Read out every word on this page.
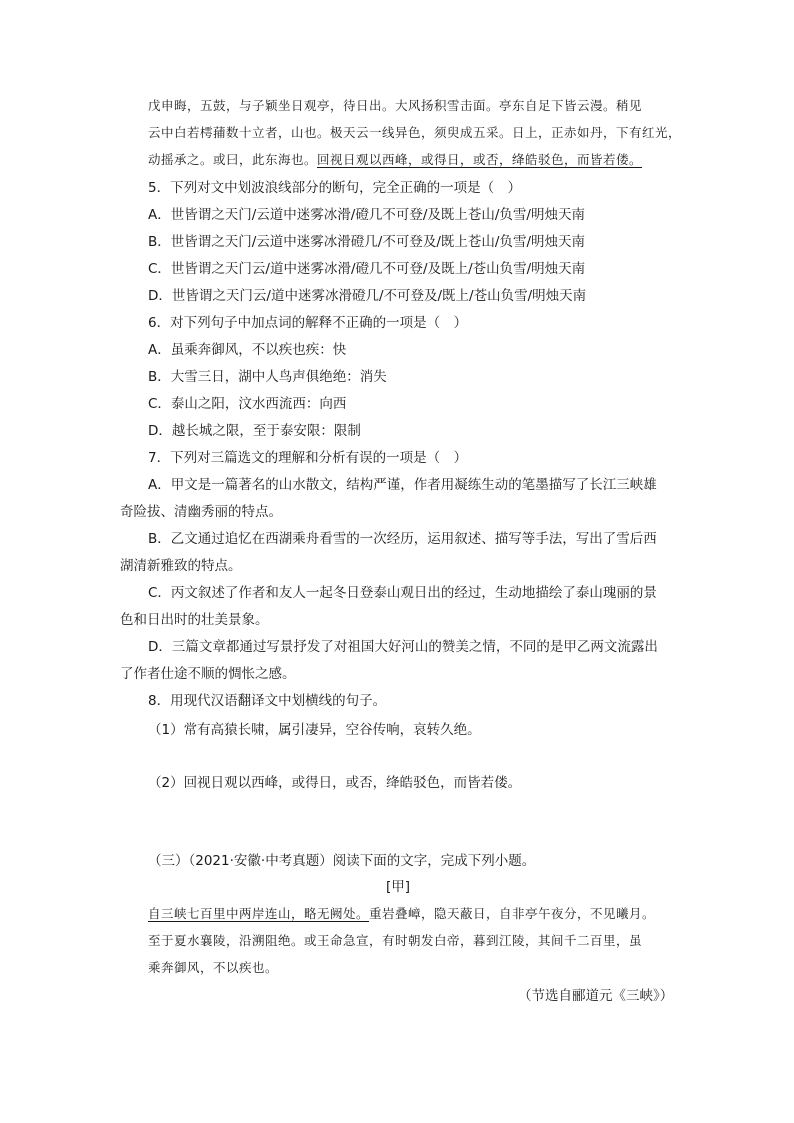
戊申晦，五鼓，与子颖坐日观亭，待日出。大风扬积雪击面。亭东自足下皆云漫。稍见
云中白若樗蒱数十立者，山也。极天云一线异色，须臾成五采。日上，正赤如丹，下有红光，
动摇承之。或曰，此东海也。回视日观以西峰，或得日，或否，绛皓驳色，而皆若偻。
5．下列对文中划波浪线部分的断句，完全正确的一项是（　）
A．世皆谓之天门/云道中迷雾冰滑/磴几不可登/及既上苍山/负雪/明烛天南
B．世皆谓之天门/云道中迷雾冰滑磴几/不可登及/既上苍山/负雪/明烛天南
C．世皆谓之天门云/道中迷雾冰滑/磴几不可登/及既上/苍山负雪/明烛天南
D．世皆谓之天门云/道中迷雾冰滑磴几/不可登及/既上/苍山负雪/明烛天南
6．对下列句子中加点词的解释不正确的一项是（　）
A．虽乘奔御风，不以疾也疾：快
B．大雪三日，湖中人鸟声俱绝绝：消失
C．泰山之阳，汶水西流西：向西
D．越长城之限，至于泰安限：限制
7．下列对三篇选文的理解和分析有误的一项是（　）
A．甲文是一篇著名的山水散文，结构严谨，作者用凝练生动的笔墨描写了长江三峡雄
奇险拔、清幽秀丽的特点。
B．乙文通过追忆在西湖乘舟看雪的一次经历，运用叙述、描写等手法，写出了雪后西
湖清新雅致的特点。
C．丙文叙述了作者和友人一起冬日登泰山观日出的经过，生动地描绘了泰山瑰丽的景
色和日出时的壮美景象。
D．三篇文章都通过写景抒发了对祖国大好河山的赞美之情，不同的是甲乙两文流露出
了作者仕途不顺的惆怅之感。
8．用现代汉语翻译文中划横线的句子。
（1）常有高猿长啸，属引凄异，空谷传响，哀转久绝。
（2）回视日观以西峰，或得日，或否，绛皓驳色，而皆若偻。
（三）（2021·安徽·中考真题）阅读下面的文字，完成下列小题。
[甲]
自三峡七百里中两岸连山，略无阙处。重岩叠嶂，隐天蔽日，自非亭午夜分，不见曦月。
至于夏水襄陵，沿溯阻绝。或王命急宣，有时朝发白帝，暮到江陵，其间千二百里，虽
乘奔御风，不以疾也。
（节选自郦道元《三峡》）
